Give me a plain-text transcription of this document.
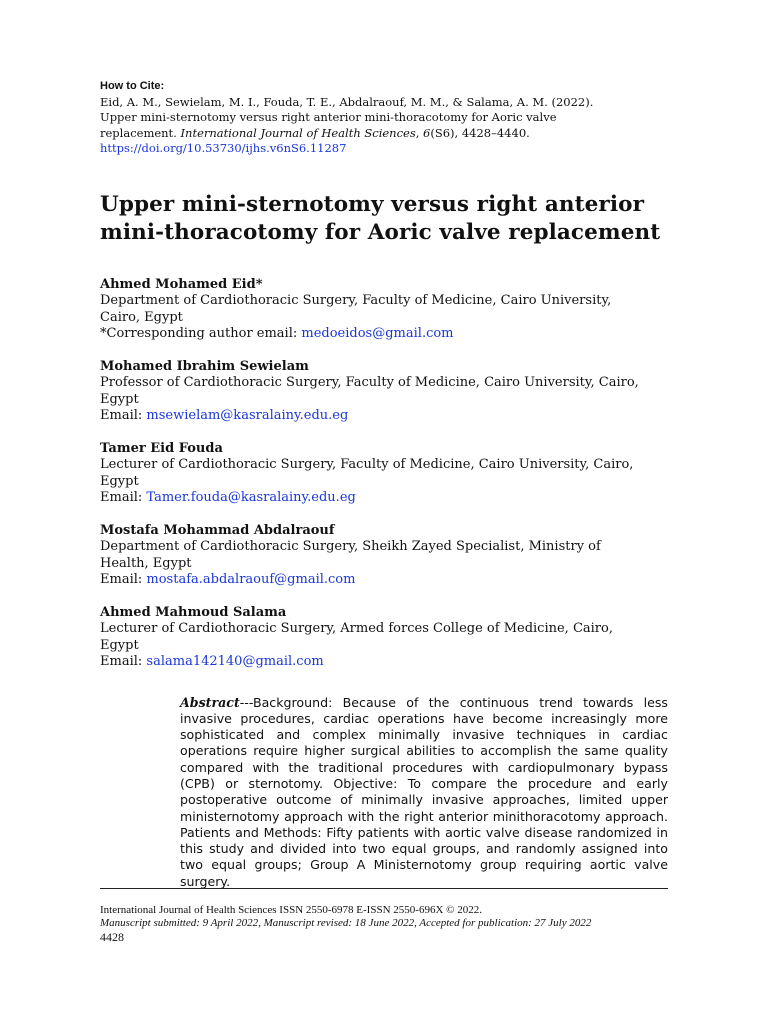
How to Cite:
Eid, A. M., Sewielam, M. I., Fouda, T. E., Abdalraouf, M. M., & Salama, A. M. (2022).
Upper mini-sternotomy versus right anterior mini-thoracotomy for Aoric valve
replacement. International Journal of Health Sciences, 6(S6), 4428–4440.
https://doi.org/10.53730/ijhs.v6nS6.11287
Upper mini-sternotomy versus right anterior
mini-thoracotomy for Aoric valve replacement
Ahmed Mohamed Eid*
Department of Cardiothoracic Surgery, Faculty of Medicine, Cairo University,
Cairo, Egypt
*Corresponding author email: medoeidos@gmail.com
Mohamed Ibrahim Sewielam
Professor of Cardiothoracic Surgery, Faculty of Medicine, Cairo University, Cairo,
Egypt
Email: msewielam@kasralainy.edu.eg
Tamer Eid Fouda
Lecturer of Cardiothoracic Surgery, Faculty of Medicine, Cairo University, Cairo,
Egypt
Email: Tamer.fouda@kasralainy.edu.eg
Mostafa Mohammad Abdalraouf
Department of Cardiothoracic Surgery, Sheikh Zayed Specialist, Ministry of
Health, Egypt
Email: mostafa.abdalraouf@gmail.com
Ahmed Mahmoud Salama
Lecturer of Cardiothoracic Surgery, Armed forces College of Medicine, Cairo,
Egypt
Email: salama142140@gmail.com
Abstract---Background: Because of the continuous trend towards less invasive procedures, cardiac operations have become increasingly more sophisticated and complex minimally invasive techniques in cardiac operations require higher surgical abilities to accomplish the same quality compared with the traditional procedures with cardiopulmonary bypass (CPB) or sternotomy. Objective: To compare the procedure and early postoperative outcome of minimally invasive approaches, limited upper ministernotomy approach with the right anterior minithoracotomy approach. Patients and Methods: Fifty patients with aortic valve disease randomized in this study and divided into two equal groups, and randomly assigned into two equal groups; Group A Ministernotomy group requiring aortic valve surgery.
International Journal of Health Sciences ISSN 2550-6978 E-ISSN 2550-696X © 2022.
Manuscript submitted: 9 April 2022, Manuscript revised: 18 June 2022, Accepted for publication: 27 July 2022
4428
